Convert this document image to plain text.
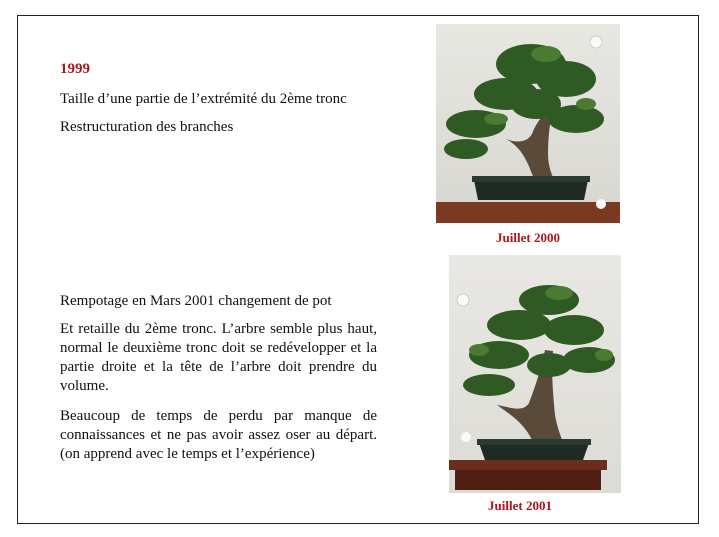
1999
Taille d’une partie de l’extrémité du 2ème tronc
Restructuration des branches
Rempotage en Mars 2001 changement de pot

Et retaille du 2ème tronc. L’arbre semble plus haut, normal le deuxième tronc doit se redévelopper et la partie droite et la tête de l’arbre doit prendre du volume.

Beaucoup de temps de perdu par manque de connaissances et ne pas avoir assez oser au départ.(on apprend avec le temps et l’expérience)

Juillet 2000
Juillet 2001
